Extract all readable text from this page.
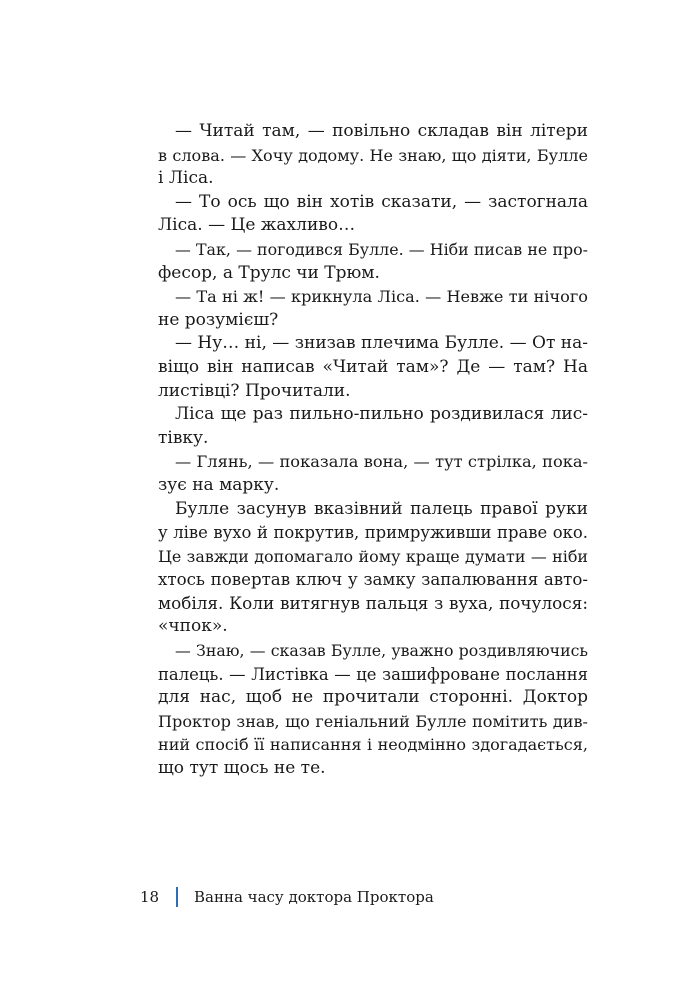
— Читай там, — повільно складав він літери
в слова. — Хочу додому. Не знаю, що діяти, Булле
і Ліса.
— То ось що він хотів сказати, — застогнала
Ліса. — Це жахливо…
— Так, — погодився Булле. — Ніби писав не про-
фесор, а Трулс чи Трюм.
— Та ні ж! — крикнула Ліса. — Невже ти нічого
не розумієш?
— Ну… ні, — знизав плечима Булле. — От на-
віщо він написав «Читай там»? Де — там? На
листівці? Прочитали.
Ліса ще раз пильно-пильно роздивилася лис-
тівку.
— Глянь, — показала вона, — тут стрілка, пока-
зує на марку.
Булле засунув вказівний палець правої руки
у ліве вухо й покрутив, примруживши праве око.
Це завжди допомагало йому краще думати — ніби
хтось повертав ключ у замку запалювання авто-
мобіля. Коли витягнув пальця з вуха, почулося:
«чпок».
— Знаю, — сказав Булле, уважно роздивляючись
палець. — Листівка — це зашифроване послання
для нас, щоб не прочитали сторонні. Доктор
Проктор знав, що геніальний Булле помітить див-
ний спосіб її написання і неодмінно здогадається,
що тут щось не те.
18	Ванна часу доктора Проктора
